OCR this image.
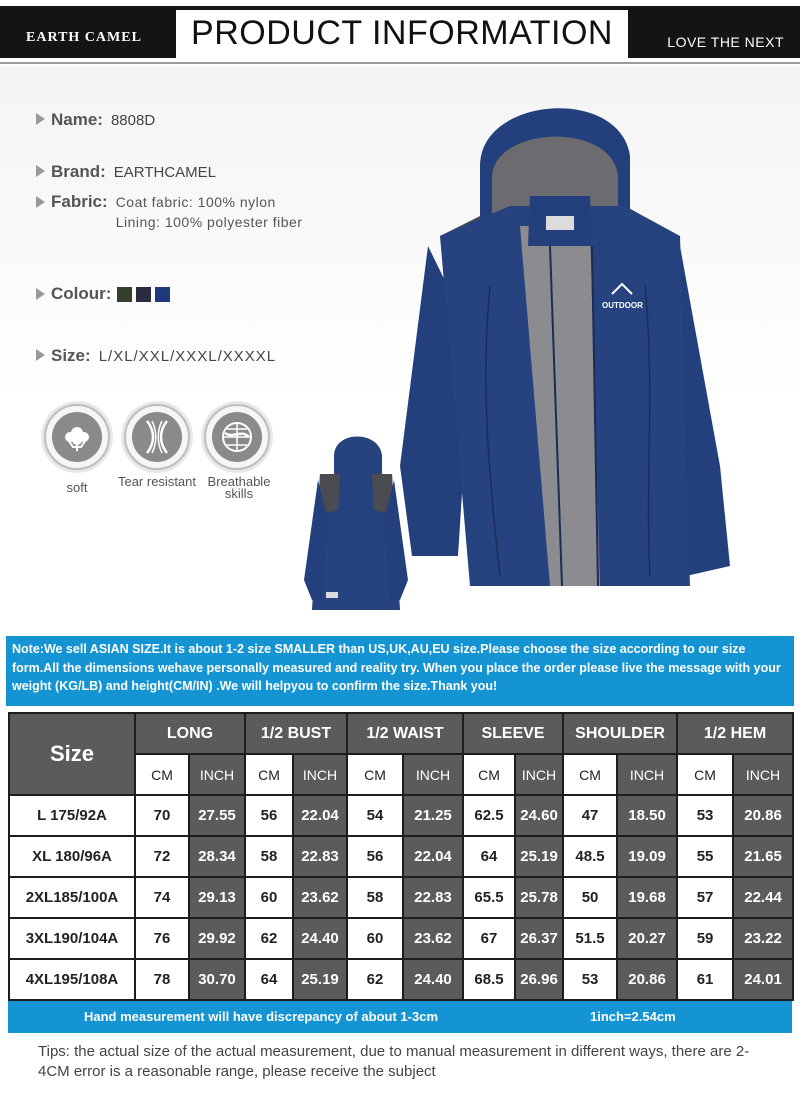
EARTH CAMEL	PRODUCT INFORMATION	LOVE THE NEXT
Name: 8808D
Brand: EARTHCAMEL
Fabric: Coat fabric: 100% nylon
Lining: 100% polyester fiber
Colour:
Size: L/XL/XXL/XXXL/XXXXL
soft	Tear resistant Breathable skills
OUTDOOR
Note:We sell ASIAN SIZE.It is about 1-2 size SMALLER than US,UK,AU,EU size.Please choose the size according to our size form.All the dimensions wehave personally measured and reality try. When you place the order please live the message with your weight (KG/LB) and height(CM/IN) .We will helpyou to confirm the size.Thank you!
Size	LONG		1/2 BUST		1/2 WAIST		SLEEVE		SHOULDER		1/2 HEM	
	CM	INCH	CM	INCH	CM	INCH	CM	INCH	CM	INCH	CM	INCH
L 175/92A	70	27.55	56	22.04	54	21.25	62.5	24.60	47	18.50	53	20.86
XL 180/96A	72	28.34	58	22.83	56	22.04	64	25.19	48.5	19.09	55	21.65
2XL185/100A	74	29.13	60	23.62	58	22.83	65.5	25.78	50	19.68	57	22.44
3XL190/104A	76	29.92	62	24.40	60	23.62	67	26.37	51.5	20.27	59	23.22
4XL195/108A	78	30.70	64	25.19	62	24.40	68.5	26.96	53	20.86	61	24.01
Hand measurement will have discrepancy of about 1-3cm	1inch=2.54cm
Tips: the actual size of the actual measurement, due to manual measurement in different ways, there are 2-4CM error is a reasonable range, please receive the subject
